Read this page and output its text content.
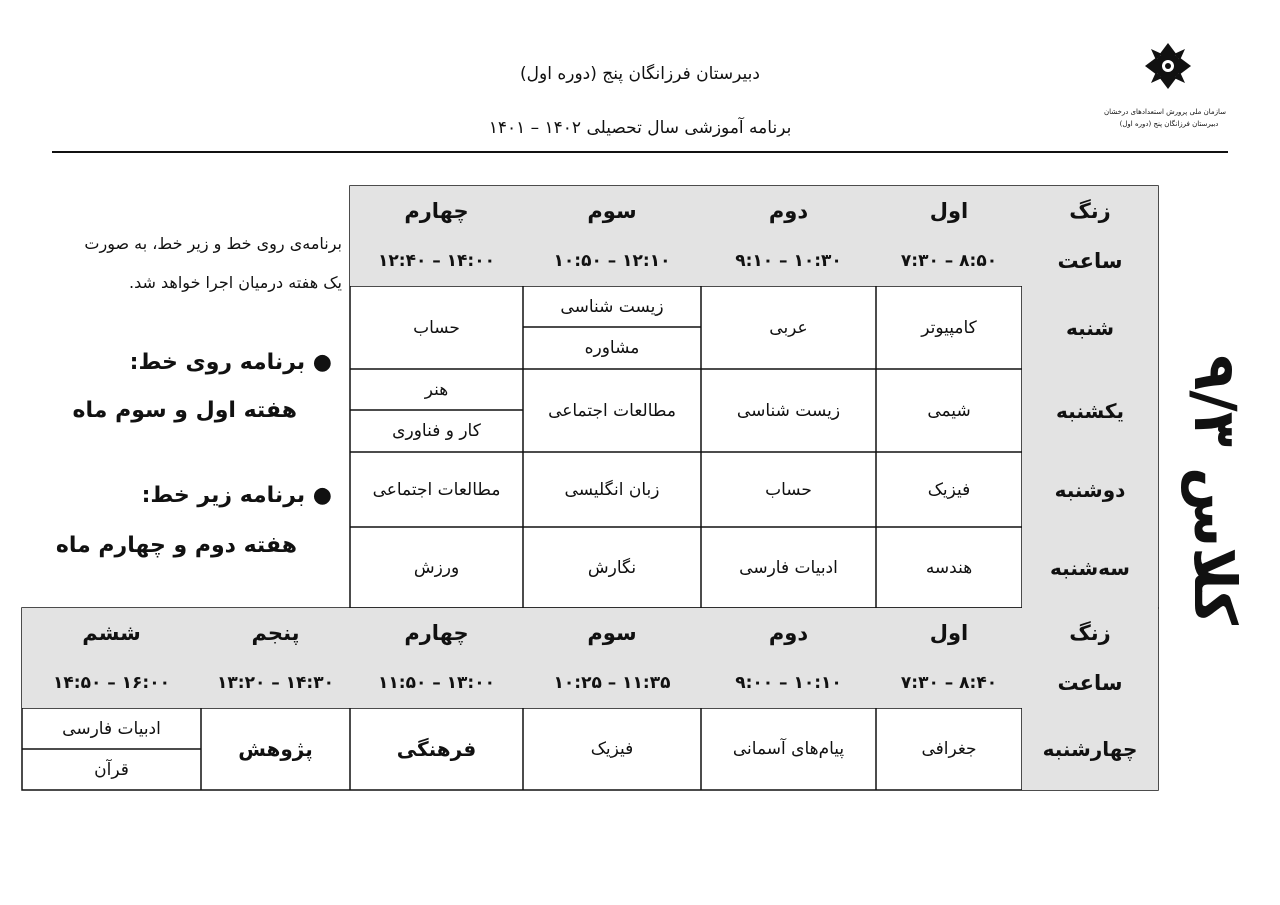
سازمان ملی پرورش استعدادهای درخشان
دبیرستان فرزانگان پنج (دوره اول)
دبیرستان فرزانگان پنج (دوره اول)
برنامه آموزشی سال تحصیلی ۱۴۰۲ – ۱۴۰۱
برنامه‌ی روی خط و زیر خط، به صورت
یک هفته درمیان اجرا خواهد شد.
● برنامه روی خط:
هفته اول و سوم ماه
● برنامه زیر خط:
هفته دوم و چهارم ماه
کلاس ۹/۳
زنگ
اول
دوم
سوم
چهارم
ساعت
۷:۳۰ – ۸:۵۰
۹:۱۰ – ۱۰:۳۰
۱۰:۵۰ – ۱۲:۱۰
۱۲:۴۰ – ۱۴:۰۰
شنبه
کامپیوتر
عربی
زیست شناسی
مشاوره
حساب
یکشنبه
شیمی
زیست شناسی
مطالعات اجتماعی
هنر
کار و فناوری
دوشنبه
فیزیک
حساب
زبان انگلیسی
مطالعات اجتماعی
سه‌شنبه
هندسه
ادبیات فارسی
نگارش
ورزش
زنگ
اول
دوم
سوم
چهارم
پنجم
ششم
ساعت
۷:۳۰ – ۸:۴۰
۹:۰۰ – ۱۰:۱۰
۱۰:۲۵ – ۱۱:۳۵
۱۱:۵۰ – ۱۳:۰۰
۱۳:۲۰ – ۱۴:۳۰
۱۴:۵۰ – ۱۶:۰۰
چهارشنبه
جغرافی
پیام‌های آسمانی
فیزیک
فرهنگی
پژوهش
ادبیات فارسی
قرآن
